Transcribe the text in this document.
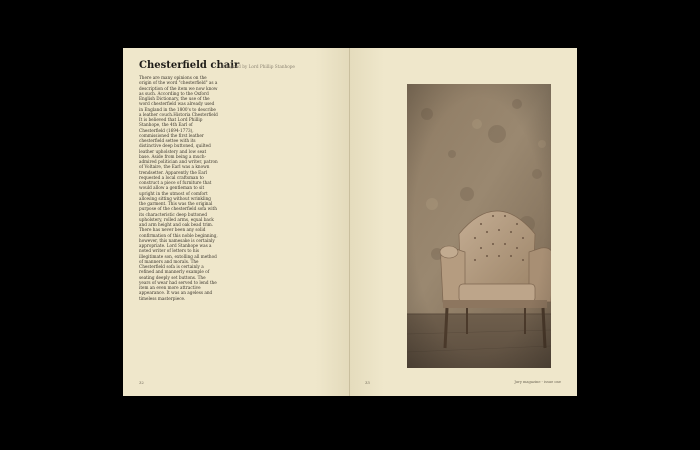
Chesterfield chair
Designed by Lord Phillip Stanhope

There are many opinions on the origin of the word "chesterfield" as a description of the item we now know as such. According to the Oxford English Dictionary, the use of the word chesterfield was already used in England in the 1800's to describe a leather couch.Historia Chesterfield It is believed that Lord Phillip Stanhope, the 4th Earl of Chesterfield (1694-1773), commissioned the first leather chesterfield settee with its distinctive deep buttoned, quilted leather upholstery and low seat base. Aside from being a much-admired politician and writer, patron of Voltaire, the Earl was a known trendsetter. Apparently the Earl requested a local craftsman to construct a piece of furniture that would allow a gentleman to sit upright in the utmost of comfort allowing sitting without wrinkling the garment. This was the original purpose of the chesterfield sofa with its characteristic deep buttoned upholstery, rolled arms, equal back and arm height and oak bead trim. There has never been any solid confirmation of this noble beginning, however, this namesake is certainly appropriate. Lord Stanhope was a noted writer of letters to his illegitimate son, extolling all method of manners and morals. The Chesterfield sofa is certainly a refined and mannerly example of seating deeply set buttons. The years of wear had served to lend the item an even more attractive appearance. It was an ageless and timeless masterpiece.

32	33	Jury magazine - issue one
